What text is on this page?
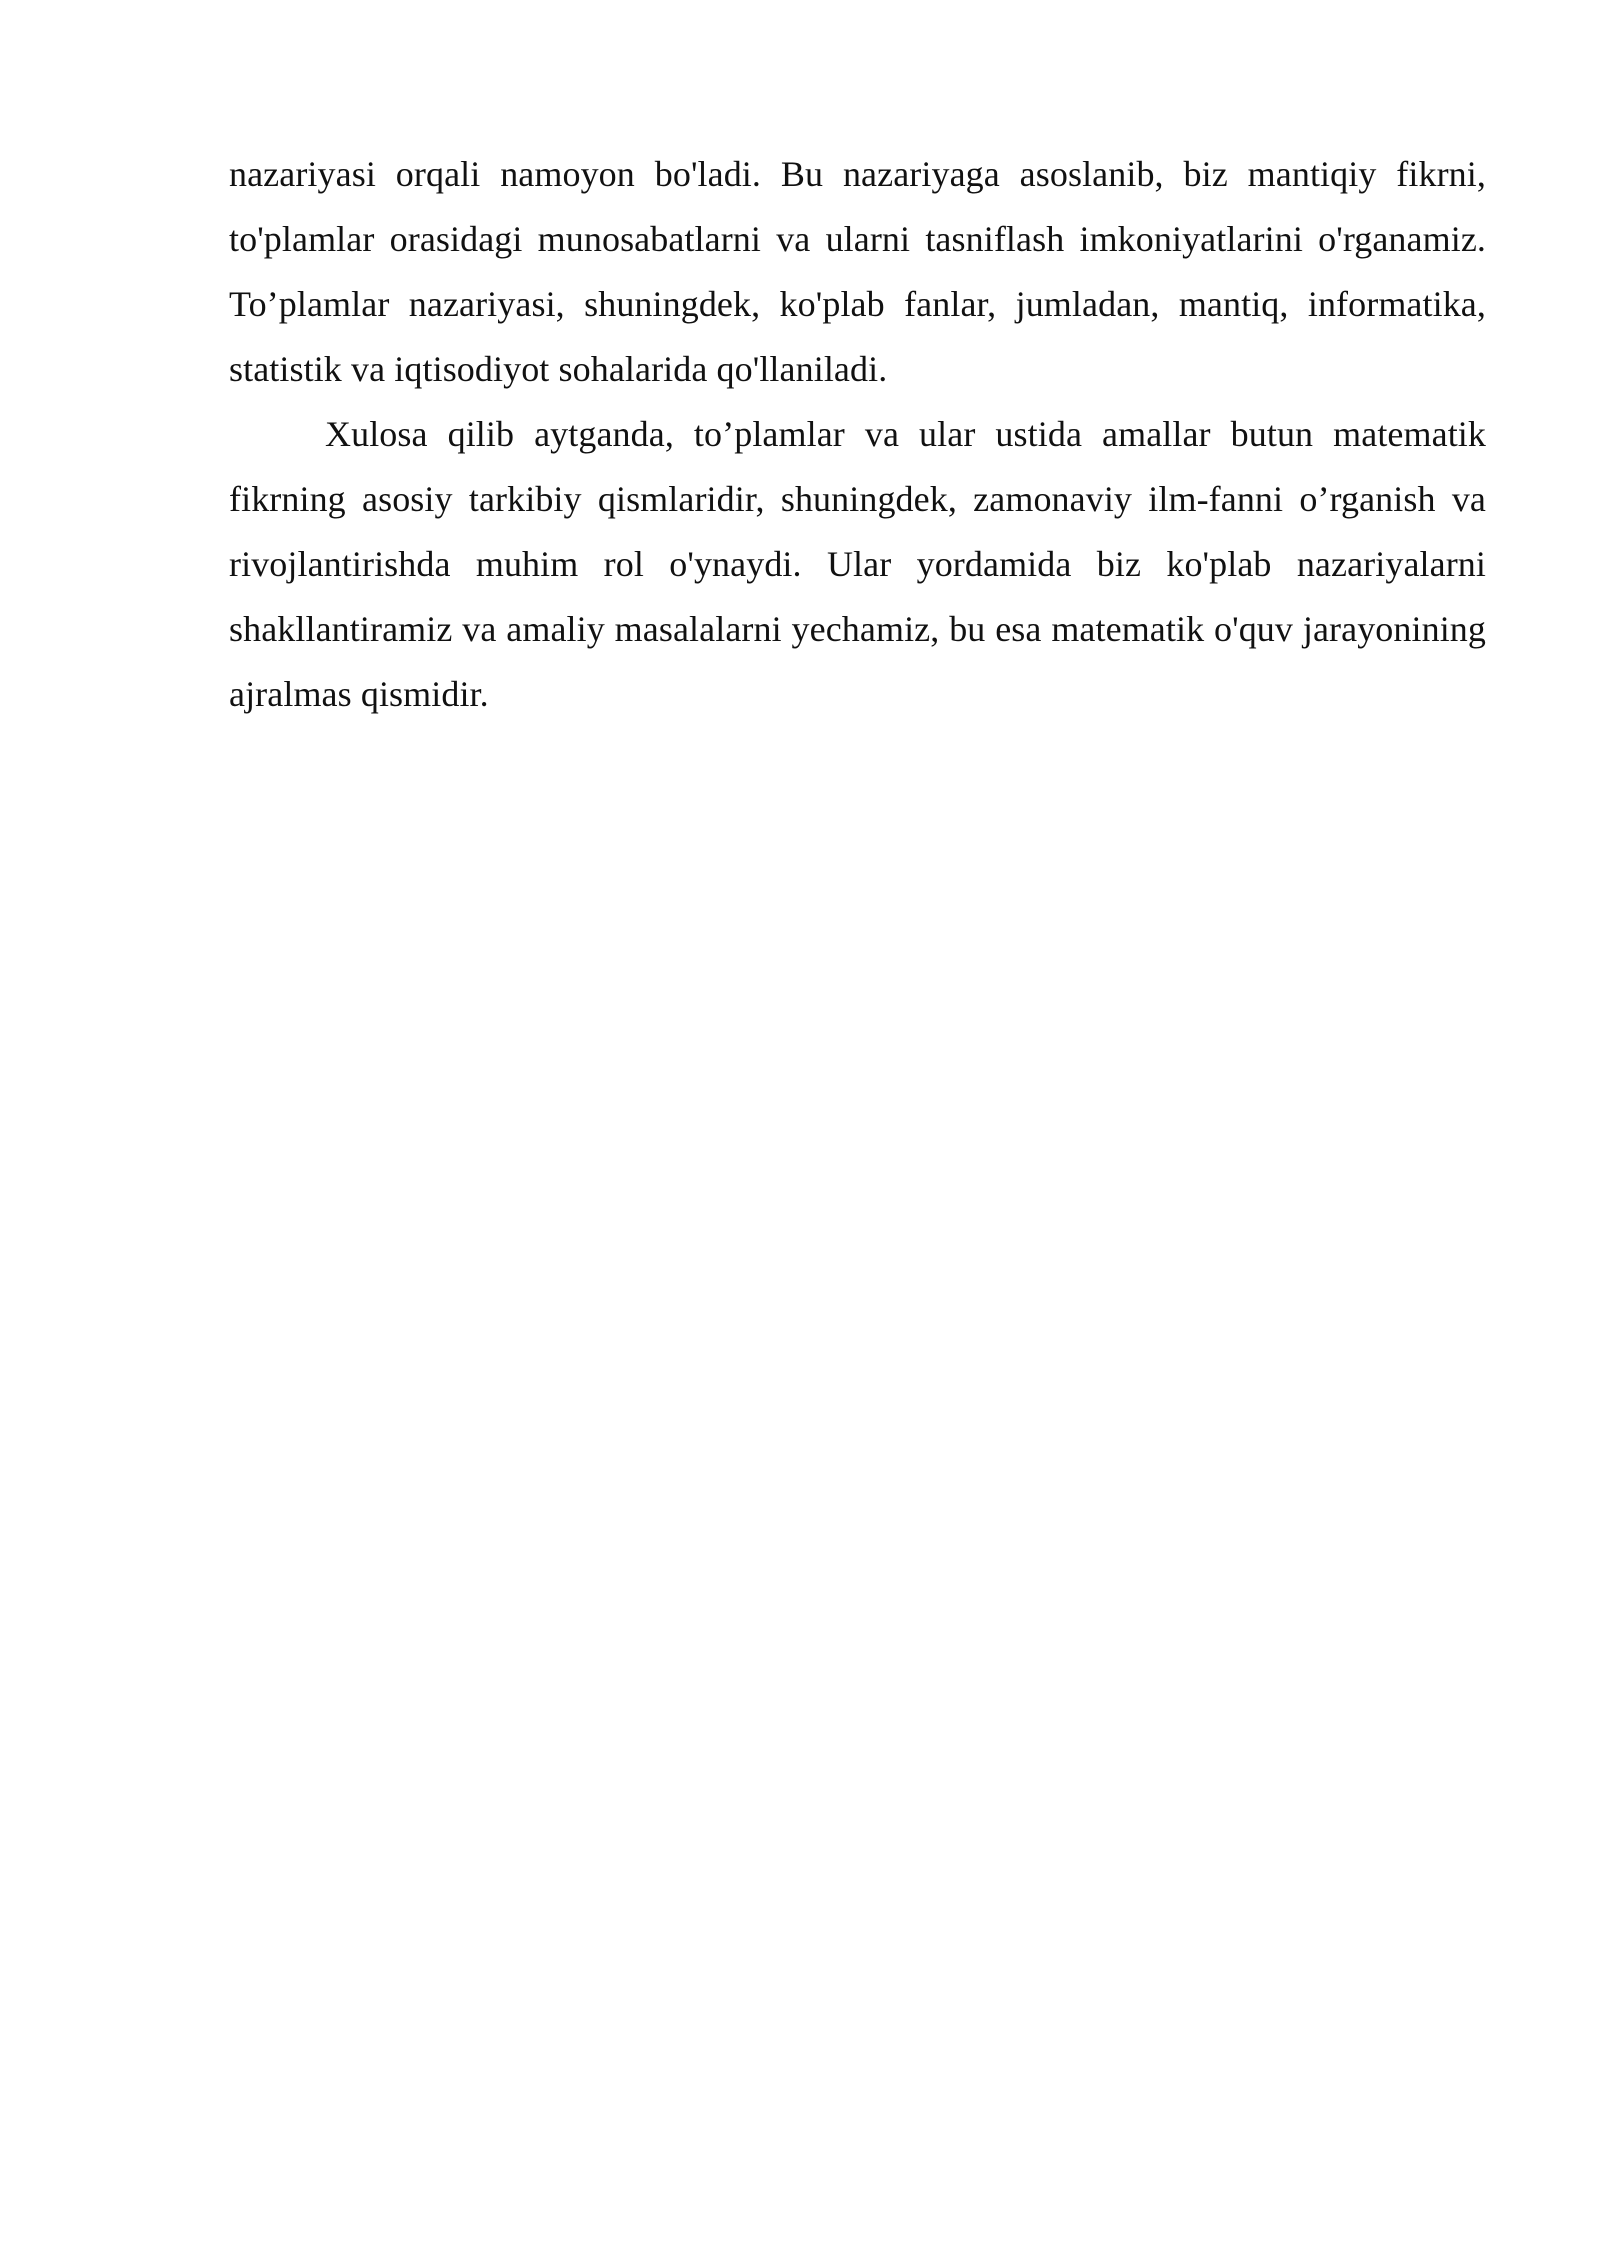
nazariyasi orqali namoyon bo'ladi. Bu nazariyaga asoslanib, biz mantiqiy fikrni, to'plamlar orasidagi munosabatlarni va ularni tasniflash imkoniyatlarini o'rganamiz. To’plamlar nazariyasi, shuningdek, ko'plab fanlar, jumladan, mantiq, informatika, statistik va iqtisodiyot sohalarida qo'llaniladi.

Xulosa qilib aytganda, to’plamlar va ular ustida amallar butun matematik fikrning asosiy tarkibiy qismlaridir, shuningdek, zamonaviy ilm-fanni o’rganish va rivojlantirishda muhim rol o'ynaydi. Ular yordamida biz ko'plab nazariyalarni shakllantiramiz va amaliy masalalarni yechamiz, bu esa matematik o'quv jarayonining ajralmas qismidir.
